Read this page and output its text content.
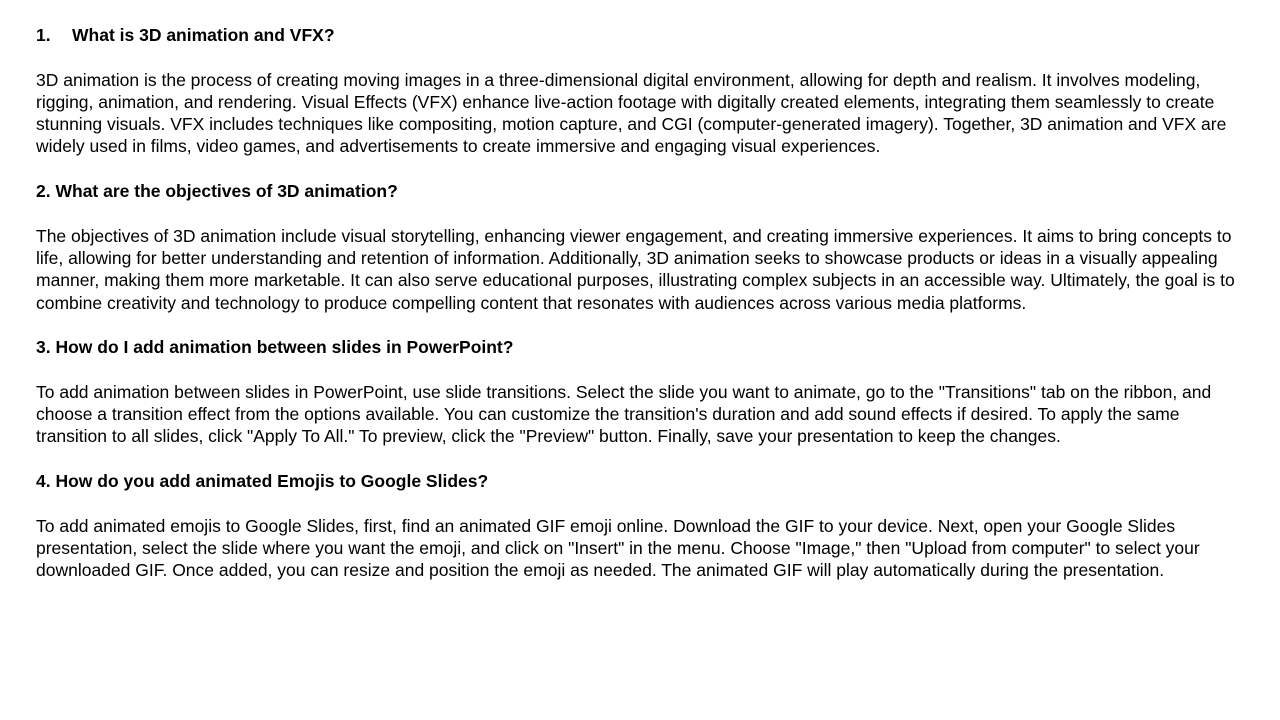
1. What is 3D animation and VFX?

3D animation is the process of creating moving images in a three-dimensional digital environment, allowing for depth and realism. It involves modeling, rigging, animation, and rendering. Visual Effects (VFX) enhance live-action footage with digitally created elements, integrating them seamlessly to create stunning visuals. VFX includes techniques like compositing, motion capture, and CGI (computer-generated imagery). Together, 3D animation and VFX are widely used in films, video games, and advertisements to create immersive and engaging visual experiences.

2. What are the objectives of 3D animation?

The objectives of 3D animation include visual storytelling, enhancing viewer engagement, and creating immersive experiences. It aims to bring concepts to life, allowing for better understanding and retention of information. Additionally, 3D animation seeks to showcase products or ideas in a visually appealing manner, making them more marketable. It can also serve educational purposes, illustrating complex subjects in an accessible way. Ultimately, the goal is to combine creativity and technology to produce compelling content that resonates with audiences across various media platforms.

3. How do I add animation between slides in PowerPoint?

To add animation between slides in PowerPoint, use slide transitions. Select the slide you want to animate, go to the "Transitions" tab on the ribbon, and choose a transition effect from the options available. You can customize the transition's duration and add sound effects if desired. To apply the same transition to all slides, click "Apply To All." To preview, click the "Preview" button. Finally, save your presentation to keep the changes.

4. How do you add animated Emojis to Google Slides?

To add animated emojis to Google Slides, first, find an animated GIF emoji online. Download the GIF to your device. Next, open your Google Slides presentation, select the slide where you want the emoji, and click on "Insert" in the menu. Choose "Image," then "Upload from computer" to select your downloaded GIF. Once added, you can resize and position the emoji as needed. The animated GIF will play automatically during the presentation.
